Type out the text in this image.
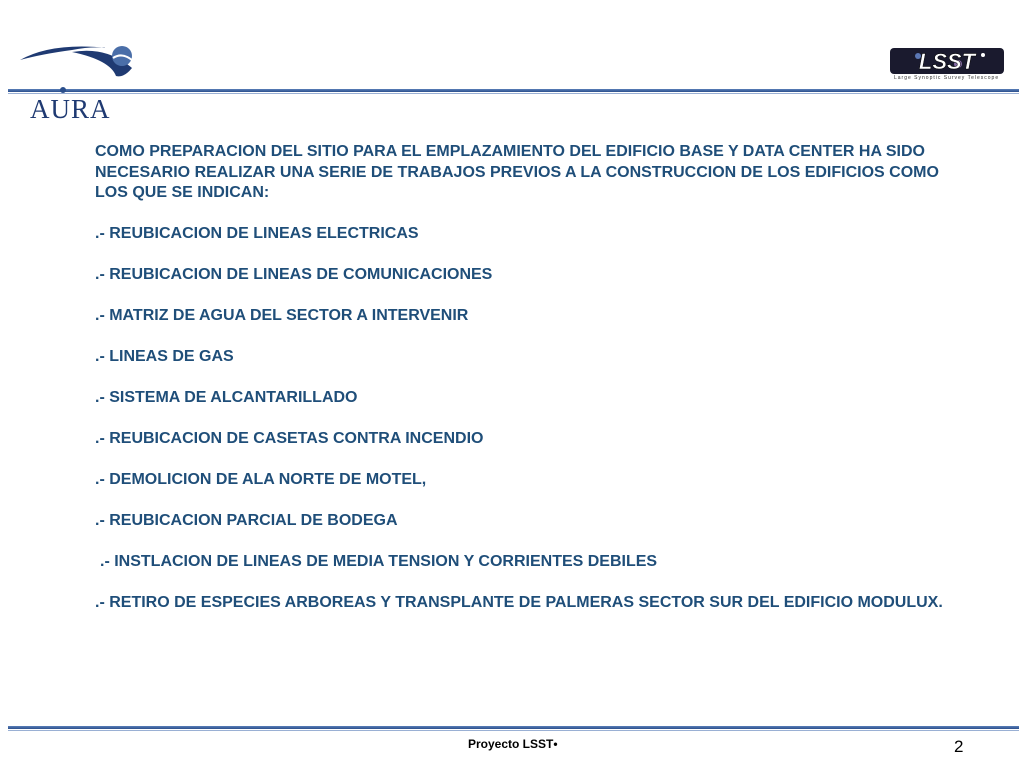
AURA
LSST
Large Synoptic Survey Telescope
COMO PREPARACION DEL SITIO PARA EL EMPLAZAMIENTO DEL EDIFICIO BASE Y DATA CENTER HA SIDO NECESARIO REALIZAR UNA SERIE DE TRABAJOS PREVIOS A LA CONSTRUCCION DE LOS EDIFICIOS COMO LOS QUE SE INDICAN:
.- REUBICACION DE LINEAS ELECTRICAS
.- REUBICACION DE LINEAS DE COMUNICACIONES
.- MATRIZ DE AGUA DEL SECTOR A INTERVENIR
.- LINEAS DE GAS
.- SISTEMA DE ALCANTARILLADO
.- REUBICACION DE CASETAS CONTRA INCENDIO
.- DEMOLICION DE ALA NORTE DE MOTEL,
.- REUBICACION PARCIAL DE BODEGA
.- INSTLACION DE LINEAS DE MEDIA TENSION Y CORRIENTES DEBILES
.- RETIRO DE ESPECIES ARBOREAS Y TRANSPLANTE DE PALMERAS SECTOR SUR DEL EDIFICIO MODULUX.
Proyecto LSST•	2
